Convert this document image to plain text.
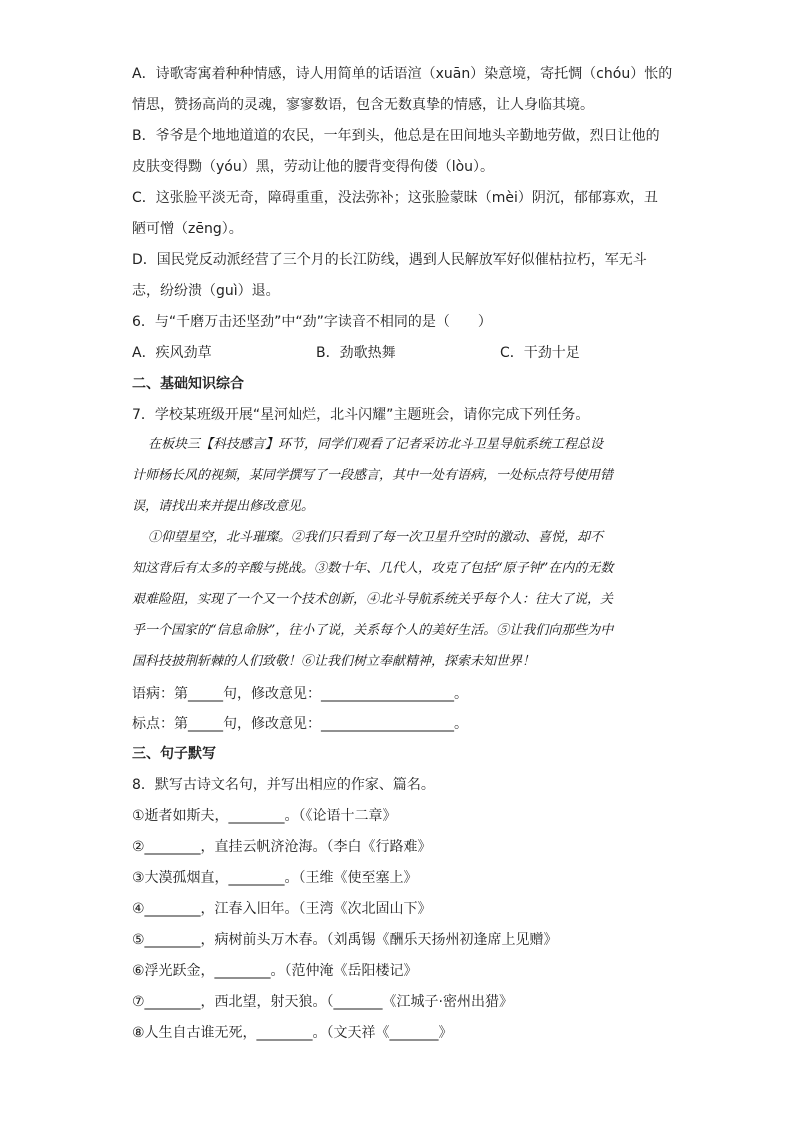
A．诗歌寄寓着种种情感，诗人用简单的话语渲（xuān）染意境，寄托惆（chóu）怅的
情思，赞扬高尚的灵魂，寥寥数语，包含无数真挚的情感，让人身临其境。
B．爷爷是个地地道道的农民，一年到头，他总是在田间地头辛勤地劳做，烈日让他的
皮肤变得黝（yóu）黑，劳动让他的腰背变得佝偻（lòu）。
C．这张脸平淡无奇，障碍重重，没法弥补；这张脸蒙昧（mèi）阴沉，郁郁寡欢，丑
陋可憎（zēng）。
D．国民党反动派经营了三个月的长江防线，遇到人民解放军好似催枯拉朽，军无斗
志，纷纷溃（guì）退。
6．与“千磨万击还坚劲”中“劲”字读音不相同的是（　　）
A．疾风劲草	B．劲歌热舞	C．干劲十足
二、基础知识综合
7．学校某班级开展“星河灿烂，北斗闪耀”主题班会，请你完成下列任务。
在板块三【科技感言】环节，同学们观看了记者采访北斗卫星导航系统工程总设
计师杨长风的视频，某同学撰写了一段感言，其中一处有语病，一处标点符号使用错
误，请找出来并提出修改意见。
①仰望星空，北斗璀璨。②我们只看到了每一次卫星升空时的激动、喜悦，却不
知这背后有太多的辛酸与挑战。③数十年、几代人，攻克了包括“原子钟”在内的无数
艰难险阻，实现了一个又一个技术创新，④北斗导航系统关乎每个人：往大了说，关
乎一个国家的“信息命脉”，往小了说，关系每个人的美好生活。⑤让我们向那些为中
国科技披荆斩棘的人们致敬！⑥让我们树立奉献精神，探索未知世界！
语病：第_____句，修改意见：___________________。
标点：第_____句，修改意见：___________________。
三、句子默写
8．默写古诗文名句，并写出相应的作家、篇名。
①逝者如斯夫，________。（《论语十二章》
②________，直挂云帆济沧海。（李白《行路难》
③大漠孤烟直，________。（王维《使至塞上》
④________，江春入旧年。（王湾《次北固山下》
⑤________，病树前头万木春。（刘禹锡《酬乐天扬州初逢席上见赠》
⑥浮光跃金，________。（范仲淹《岳阳楼记》
⑦________，西北望，射天狼。（_______《江城子·密州出猎》
⑧人生自古谁无死，________。（文天祥《_______》
